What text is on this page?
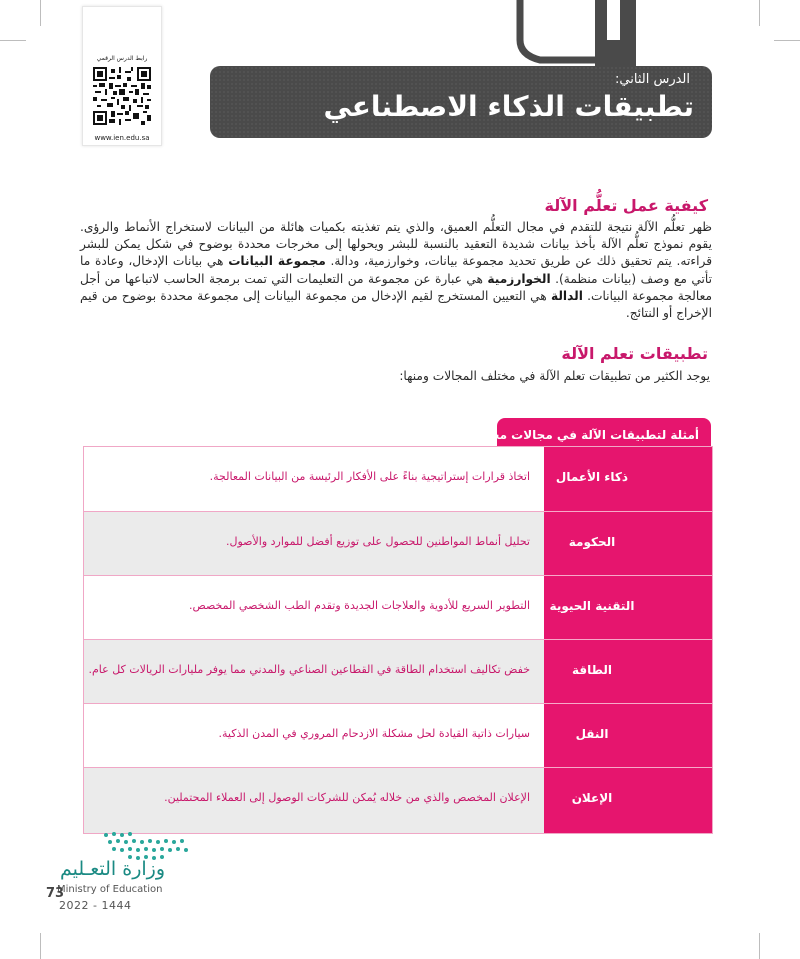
رابط الدرس الرقمي
www.ien.edu.sa
الدرس الثاني:
تطبيقات الذكاء الاصطناعي
كيفية عمل تعلُّم الآلة
ظهر تعلُّم الآلة نتيجة للتقدم في مجال التعلُّم العميق، والذي يتم تغذيته بكميات هائلة من البيانات لاستخراج الأنماط والرؤى. يقوم نموذج تعلُّم الآلة بأخذ بيانات شديدة التعقيد بالنسبة للبشر ويحولها إلى مخرجات محددة بوضوح في شكل يمكن للبشر قراءته. يتم تحقيق ذلك عن طريق تحديد مجموعة بيانات، وخوارزمية، ودالة. مجموعة البيانات هي بيانات الإدخال، وعادة ما تأتي مع وصف (بيانات منظمة). الخوارزمية هي عبارة عن مجموعة من التعليمات التي تمت برمجة الحاسب لاتباعها من أجل معالجة مجموعة البيانات. الدالة هي التعيين المستخرج لقيم الإدخال من مجموعة البيانات إلى مجموعة محددة بوضوح من قيم الإخراج أو النتائج.
تطبيقات تعلم الآلة
يوجد الكثير من تطبيقات تعلم الآلة في مختلف المجالات ومنها:
أمثلة لتطبيقات الآلة في مجالات مختلفة
اتخاذ قرارات إستراتيجية بناءً على الأفكار الرئيسة من البيانات المعالجة.	ذكاء الأعمال
تحليل أنماط المواطنين للحصول على توزيع أفضل للموارد والأصول.	الحكومة
التطوير السريع للأدوية والعلاجات الجديدة وتقدم الطب الشخصي المخصص.	التقنية الحيوية
خفض تكاليف استخدام الطاقة في القطاعين الصناعي والمدني مما يوفر مليارات الريالات كل عام.	الطاقة
سيارات ذاتية القيادة لحل مشكلة الازدحام المروري في المدن الذكية.	النقل
الإعلان المخصص والذي من خلاله يُمكن للشركات الوصول إلى العملاء المحتملين.	الإعلان
وزارة التعـليم
Ministry of Education
73
2022 - 1444
